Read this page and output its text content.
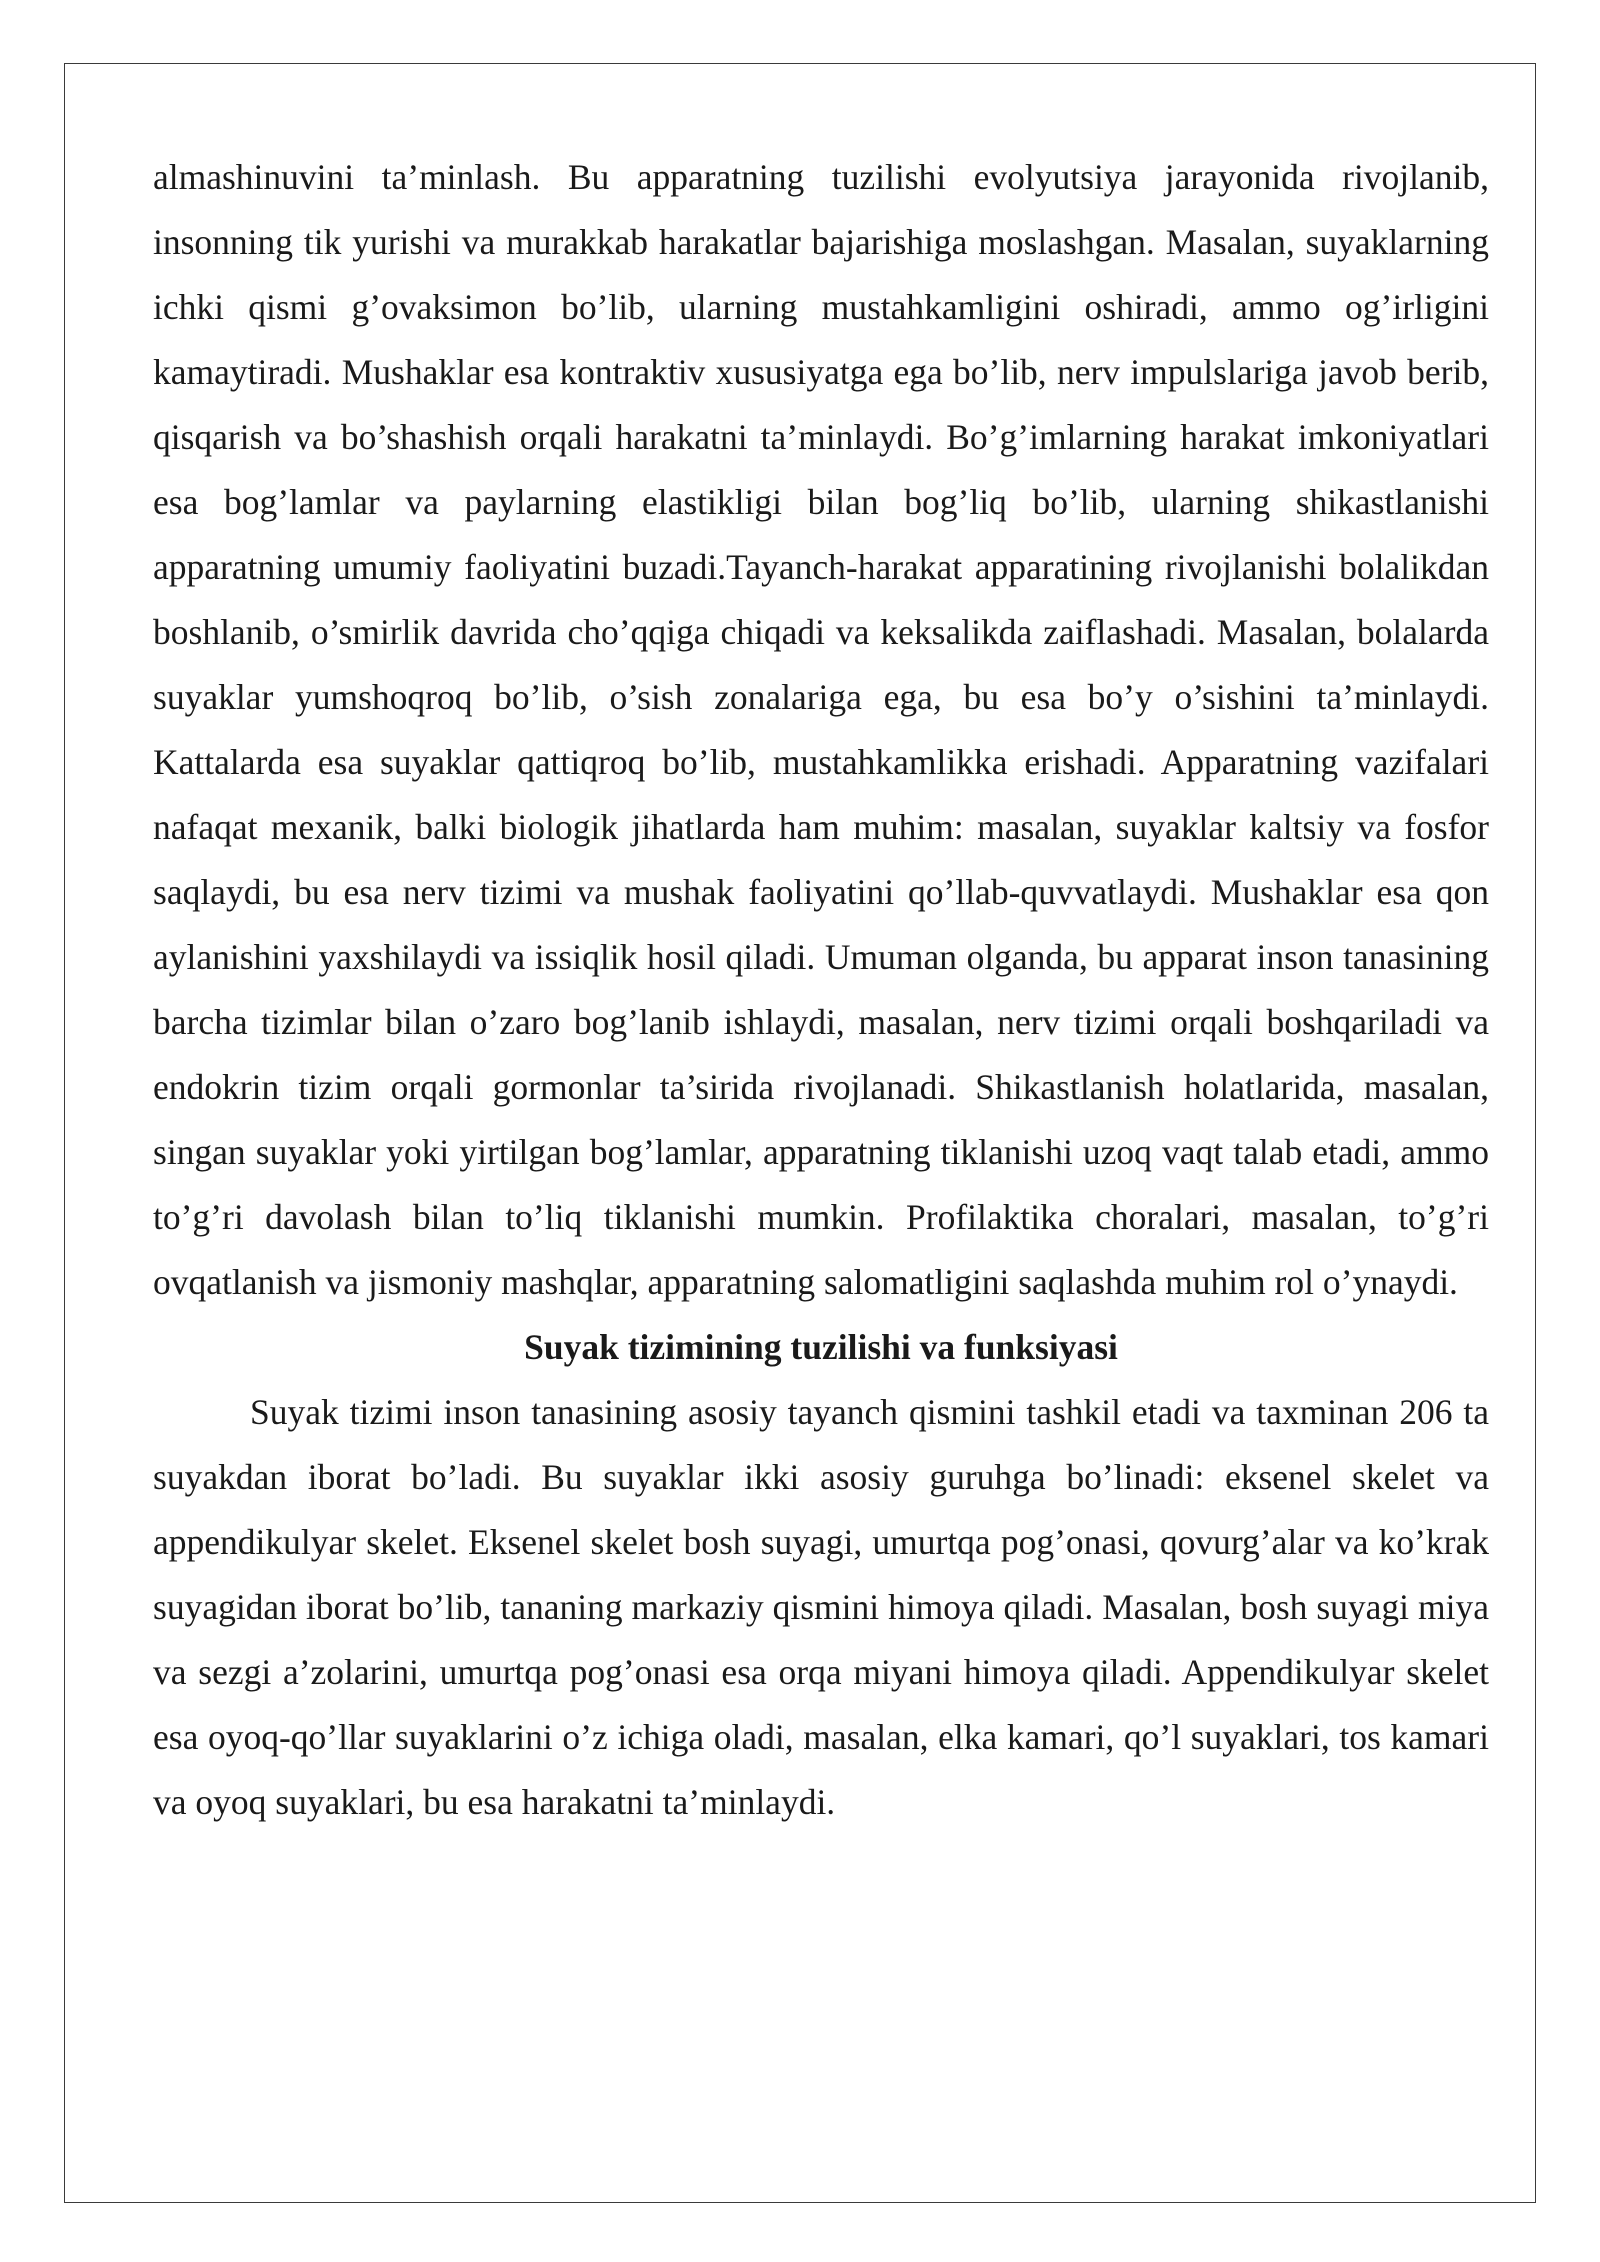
almashinuvini ta’minlash. Bu apparatning tuzilishi evolyutsiya jarayonida rivojlanib, insonning tik yurishi va murakkab harakatlar bajarishiga moslashgan. Masalan, suyaklarning ichki qismi g’ovaksimon bo’lib, ularning mustahkamligini oshiradi, ammo og’irligini kamaytiradi. Mushaklar esa kontraktiv xususiyatga ega bo’lib, nerv impulslariga javob berib, qisqarish va bo’shashish orqali harakatni ta’minlaydi. Bo’g’imlarning harakat imkoniyatlari esa bog’lamlar va paylarning elastikligi bilan bog’liq bo’lib, ularning shikastlanishi apparatning umumiy faoliyatini buzadi.Tayanch-harakat apparatining rivojlanishi bolalikdan boshlanib, o’smirlik davrida cho’qqiga chiqadi va keksalikda zaiflashadi. Masalan, bolalarda suyaklar yumshoqroq bo’lib, o’sish zonalariga ega, bu esa bo’y o’sishini ta’minlaydi. Kattalarda esa suyaklar qattiqroq bo’lib, mustahkamlikka erishadi. Apparatning vazifalari nafaqat mexanik, balki biologik jihatlarda ham muhim: masalan, suyaklar kaltsiy va fosfor saqlaydi, bu esa nerv tizimi va mushak faoliyatini qo’llab-quvvatlaydi. Mushaklar esa qon aylanishini yaxshilaydi va issiqlik hosil qiladi. Umuman olganda, bu apparat inson tanasining barcha tizimlar bilan o’zaro bog’lanib ishlaydi, masalan, nerv tizimi orqali boshqariladi va endokrin tizim orqali gormonlar ta’sirida rivojlanadi. Shikastlanish holatlarida, masalan, singan suyaklar yoki yirtilgan bog’lamlar, apparatning tiklanishi uzoq vaqt talab etadi, ammo to’g’ri davolash bilan to’liq tiklanishi mumkin. Profilaktika choralari, masalan, to’g’ri ovqatlanish va jismoniy mashqlar, apparatning salomatligini saqlashda muhim rol o’ynaydi.

Suyak tizimining tuzilishi va funksiyasi

Suyak tizimi inson tanasining asosiy tayanch qismini tashkil etadi va taxminan 206 ta suyakdan iborat bo’ladi. Bu suyaklar ikki asosiy guruhga bo’linadi: eksenel skelet va appendikulyar skelet. Eksenel skelet bosh suyagi, umurtqa pog’onasi, qovurg’alar va ko’krak suyagidan iborat bo’lib, tananing markaziy qismini himoya qiladi. Masalan, bosh suyagi miya va sezgi a’zolarini, umurtqa pog’onasi esa orqa miyani himoya qiladi. Appendikulyar skelet esa oyoq-qo’llar suyaklarini o’z ichiga oladi, masalan, elka kamari, qo’l suyaklari, tos kamari va oyoq suyaklari, bu esa harakatni ta’minlaydi.
